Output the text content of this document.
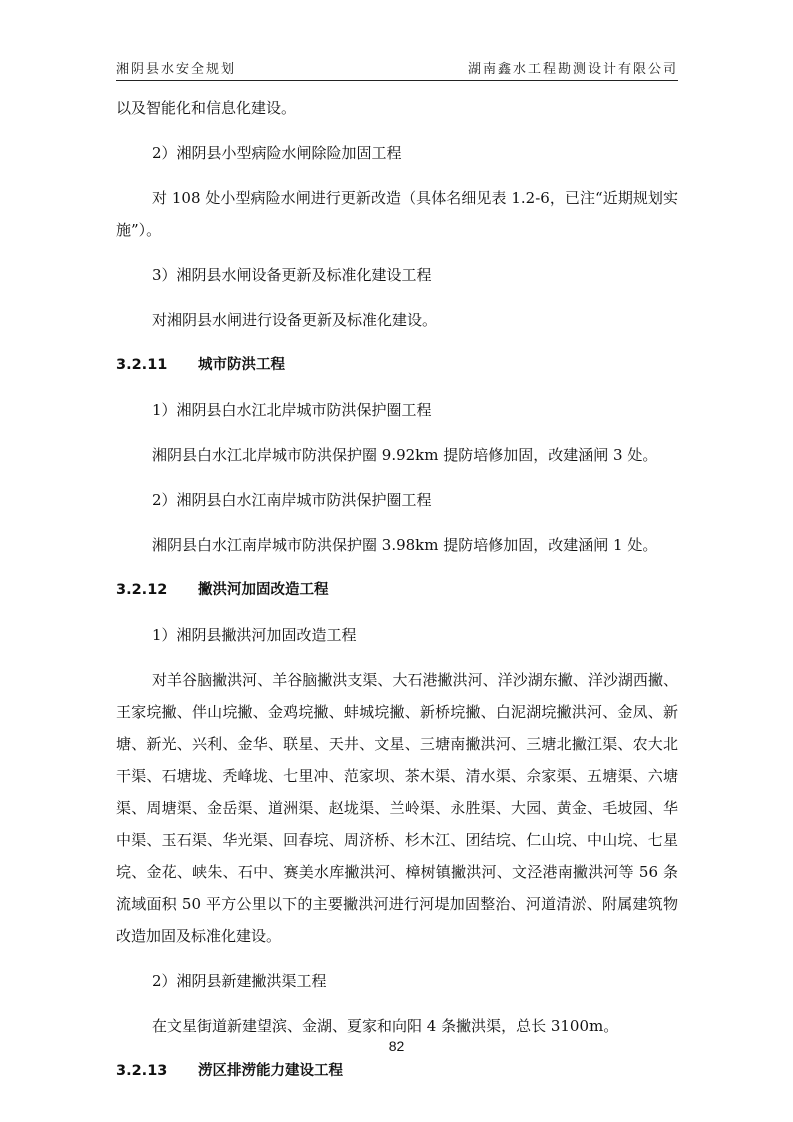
湘阴县水安全规划	湖南鑫水工程勘测设计有限公司

以及智能化和信息化建设。

2）湘阴县小型病险水闸除险加固工程

对 108 处小型病险水闸进行更新改造（具体名细见表 1.2-6，已注“近期规划实施”）。

3）湘阴县水闸设备更新及标准化建设工程

对湘阴县水闸进行设备更新及标准化建设。

3.2.11 城市防洪工程

1）湘阴县白水江北岸城市防洪保护圈工程

湘阴县白水江北岸城市防洪保护圈 9.92km 提防培修加固，改建涵闸 3 处。

2）湘阴县白水江南岸城市防洪保护圈工程

湘阴县白水江南岸城市防洪保护圈 3.98km 提防培修加固，改建涵闸 1 处。

3.2.12 撇洪河加固改造工程

1）湘阴县撇洪河加固改造工程

对羊谷脑撇洪河、羊谷脑撇洪支渠、大石港撇洪河、洋沙湖东撇、洋沙湖西撇、王家垸撇、伴山垸撇、金鸡垸撇、蚌城垸撇、新桥垸撇、白泥湖垸撇洪河、金凤、新塘、新光、兴利、金华、联星、天井、文星、三塘南撇洪河、三塘北撇江渠、农大北干渠、石塘垅、秃峰垅、七里冲、范家坝、茶木渠、清水渠、佘家渠、五塘渠、六塘渠、周塘渠、金岳渠、道洲渠、赵垅渠、兰岭渠、永胜渠、大园、黄金、毛坡园、华中渠、玉石渠、华光渠、回春垸、周济桥、杉木江、团结垸、仁山垸、中山垸、七星垸、金花、峡朱、石中、赛美水库撇洪河、樟树镇撇洪河、文泾港南撇洪河等 56 条流域面积 50 平方公里以下的主要撇洪河进行河堤加固整治、河道清淤、附属建筑物改造加固及标准化建设。

2）湘阴县新建撇洪渠工程

在文星街道新建望滨、金湖、夏家和向阳 4 条撇洪渠，总长 3100m。

3.2.13 涝区排涝能力建设工程

82
